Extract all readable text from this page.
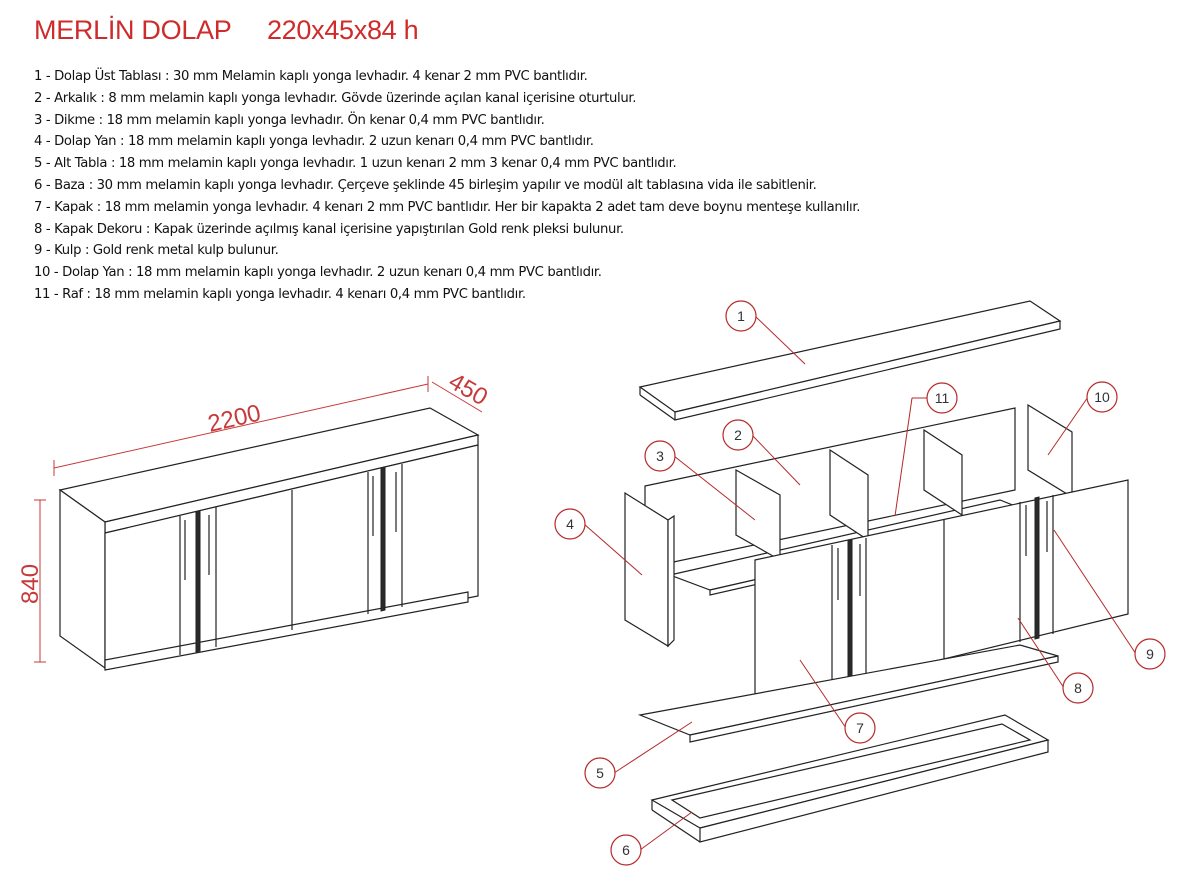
MERLİN DOLAP     220x45x84 h
1 - Dolap Üst Tablası : 30 mm Melamin kaplı yonga levhadır. 4 kenar 2 mm PVC bantlıdır.
2 - Arkalık : 8 mm melamin kaplı yonga levhadır. Gövde üzerinde açılan kanal içerisine oturtulur.
3 - Dikme : 18 mm melamin kaplı yonga levhadır. Ön kenar 0,4 mm PVC bantlıdır.
4 - Dolap Yan : 18 mm melamin kaplı yonga levhadır. 2 uzun kenarı 0,4 mm PVC bantlıdır.
5 - Alt Tabla : 18 mm melamin kaplı yonga levhadır. 1 uzun kenarı 2 mm 3 kenar 0,4 mm PVC bantlıdır.
6 - Baza : 30 mm melamin kaplı yonga levhadır. Çerçeve şeklinde 45 birleşim yapılır ve modül alt tablasına vida ile sabitlenir.
7 - Kapak : 18 mm melamin yonga levhadır. 4 kenarı 2 mm PVC bantlıdır. Her bir kapakta 2 adet tam deve boynu menteşe kullanılır.
8 - Kapak Dekoru : Kapak üzerinde açılmış kanal içerisine yapıştırılan Gold renk pleksi bulunur.
9 - Kulp : Gold renk metal kulp bulunur.
10 - Dolap Yan : 18 mm melamin kaplı yonga levhadır. 2 uzun kenarı 0,4 mm PVC bantlıdır.
11 - Raf : 18 mm melamin kaplı yonga levhadır. 4 kenarı 0,4 mm PVC bantlıdır.
2200
450
840
1
2
3
4
5
6
7
8
9
10
11
